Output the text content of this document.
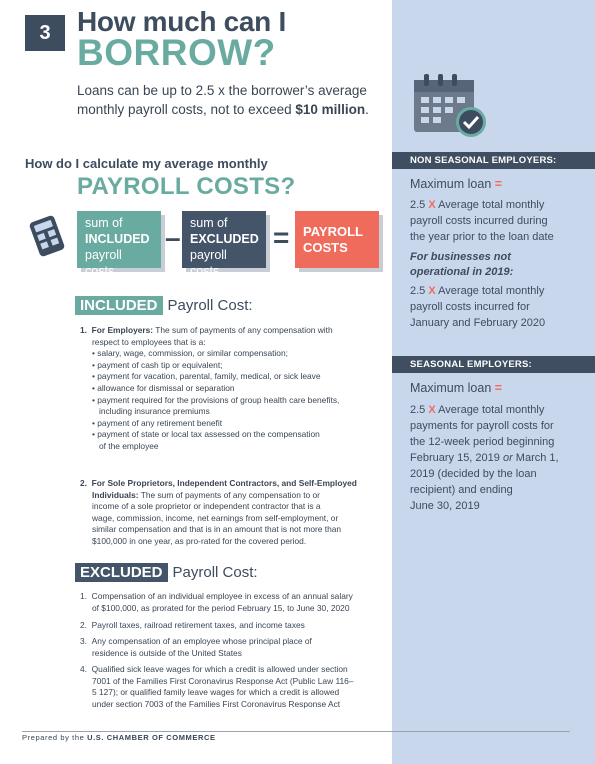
3 How much can I
BORROW?
Loans can be up to 2.5 x the borrower’s average monthly payroll costs, not to exceed $10 million.
How do I calculate my average monthly
PAYROLL COSTS?
sum of
INCLUDED
payroll costs
– sum of
EXCLUDED
payroll costs
= PAYROLL
COSTS
INCLUDED Payroll Cost:
1. For Employers: The sum of payments of any compensation with
respect to employees that is a:
• salary, wage, commission, or similar compensation;
• payment of cash tip or equivalent;
• payment for vacation, parental, family, medical, or sick leave
• allowance for dismissal or separation
• payment required for the provisions of group health care benefits,
including insurance premiums
• payment of any retirement benefit
• payment of state or local tax assessed on the compensation
of the employee
2. For Sole Proprietors, Independent Contractors, and Self-Employed
Individuals: The sum of payments of any compensation to or
income of a sole proprietor or independent contractor that is a
wage, commission, income, net earnings from self-employment, or
similar compensation and that is in an amount that is not more than
$100,000 in one year, as pro-rated for the covered period.
EXCLUDED Payroll Cost:
1. Compensation of an individual employee in excess of an annual salary
of $100,000, as prorated for the period February 15, to June 30, 2020
2. Payroll taxes, railroad retirement taxes, and income taxes
3. Any compensation of an employee whose principal place of
residence is outside of the United States
4. Qualified sick leave wages for which a credit is allowed under section
7001 of the Families First Coronavirus Response Act (Public Law 116–
5 127); or qualified family leave wages for which a credit is allowed
under section 7003 of the Families First Coronavirus Response Act
Prepared by the U.S. CHAMBER OF COMMERCE
NON SEASONAL EMPLOYERS:
Maximum loan =
2.5 X Average total monthly
payroll costs incurred during
the year prior to the loan date
For businesses not
operational in 2019:
2.5 X Average total monthly
payroll costs incurred for
January and February 2020
SEASONAL EMPLOYERS:
Maximum loan =
2.5 X Average total monthly
payments for payroll costs for
the 12-week period beginning
February 15, 2019 or March 1,
2019 (decided by the loan
recipient) and ending
June 30, 2019
